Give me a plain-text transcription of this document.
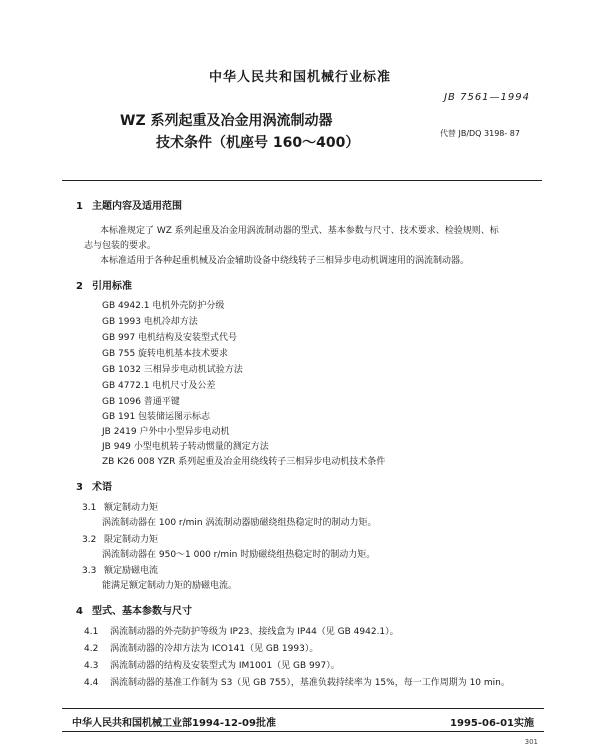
中华人民共和国机械行业标准
JB 7561—1994
WZ 系列起重及冶金用涡流制动器
技术条件（机座号 160～400）
代替 JB/DQ 3198- 87
1 主题内容及适用范围
本标准规定了 WZ 系列起重及冶金用涡流制动器的型式、基本参数与尺寸、技术要求、检验规则、标
志与包装的要求。
本标准适用于各种起重机械及冶金辅助设备中绕线转子三相异步电动机调速用的涡流制动器。
2 引用标准
GB 4942.1 电机外壳防护分级
GB 1993 电机冷却方法
GB 997 电机结构及安装型式代号
GB 755 旋转电机基本技术要求
GB 1032 三相异步电动机试验方法
GB 4772.1 电机尺寸及公差
GB 1096 普通平键
GB 191 包装储运图示标志
JB 2419 户外中小型异步电动机
JB 949 小型电机转子转动惯量的测定方法
ZB K26 008 YZR 系列起重及冶金用绕线转子三相异步电动机技术条件
3 术语
3.1 额定制动力矩
涡流制动器在 100 r/min 涡流制动器励磁绕组热稳定时的制动力矩。
3.2 限定制动力矩
涡流制动器在 950～1 000 r/min 时励磁绕组热稳定时的制动力矩。
3.3 额定励磁电流
能满足额定制动力矩的励磁电流。
4 型式、基本参数与尺寸
4.1 涡流制动器的外壳防护等级为 IP23、接线盒为 IP44（见 GB 4942.1）。
4.2 涡流制动器的冷却方法为 ICO141（见 GB 1993）。
4.3 涡流制动器的结构及安装型式为 IM1001（见 GB 997）。
4.4 涡流制动器的基准工作制为 S3（见 GB 755），基准负载持续率为 15%，每一工作周期为 10 min。
中华人民共和国机械工业部1994-12-09批准	1995-06-01实施
301
